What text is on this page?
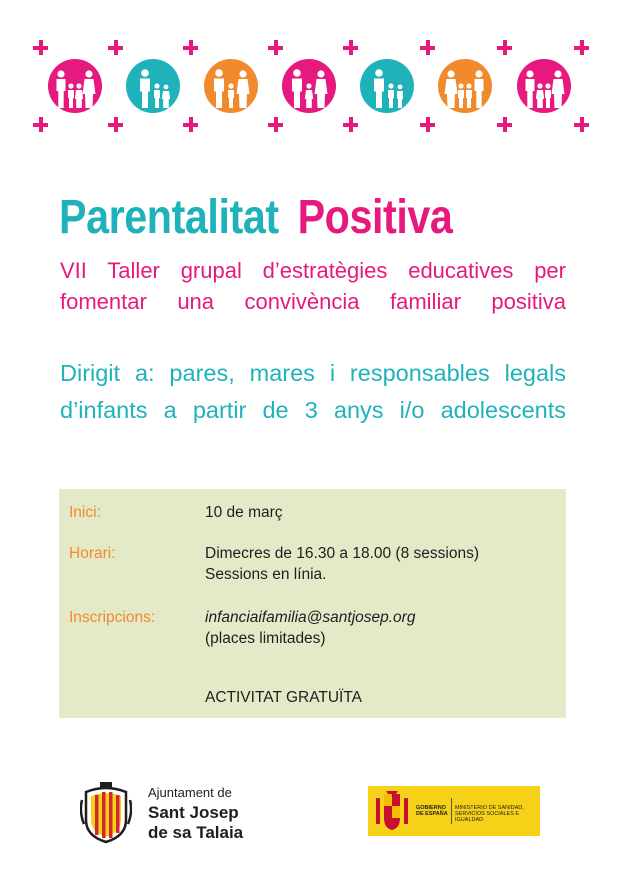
Parentalitat Positiva

VII Taller grupal d’estratègies educatives per
fomentar una convivència familiar positiva

Dirigit a: pares, mares i responsables legals
d’infants a partir de 3 anys i/o adolescents

Inici:	10 de març
Horari:	Dimecres de 16.30 a 18.00 (8 sessions)
Sessions en línia.
Inscripcions:	infanciaifamilia@santjosep.org
(places limitades)
ACTIVITAT GRATUÏTA
Ajuntament de
Sant Josep
de sa Talaia
GOBIERNO DE ESPAÑA
MINISTERIO DE SANIDAD, SERVICIOS SOCIALES E IGUALDAD
